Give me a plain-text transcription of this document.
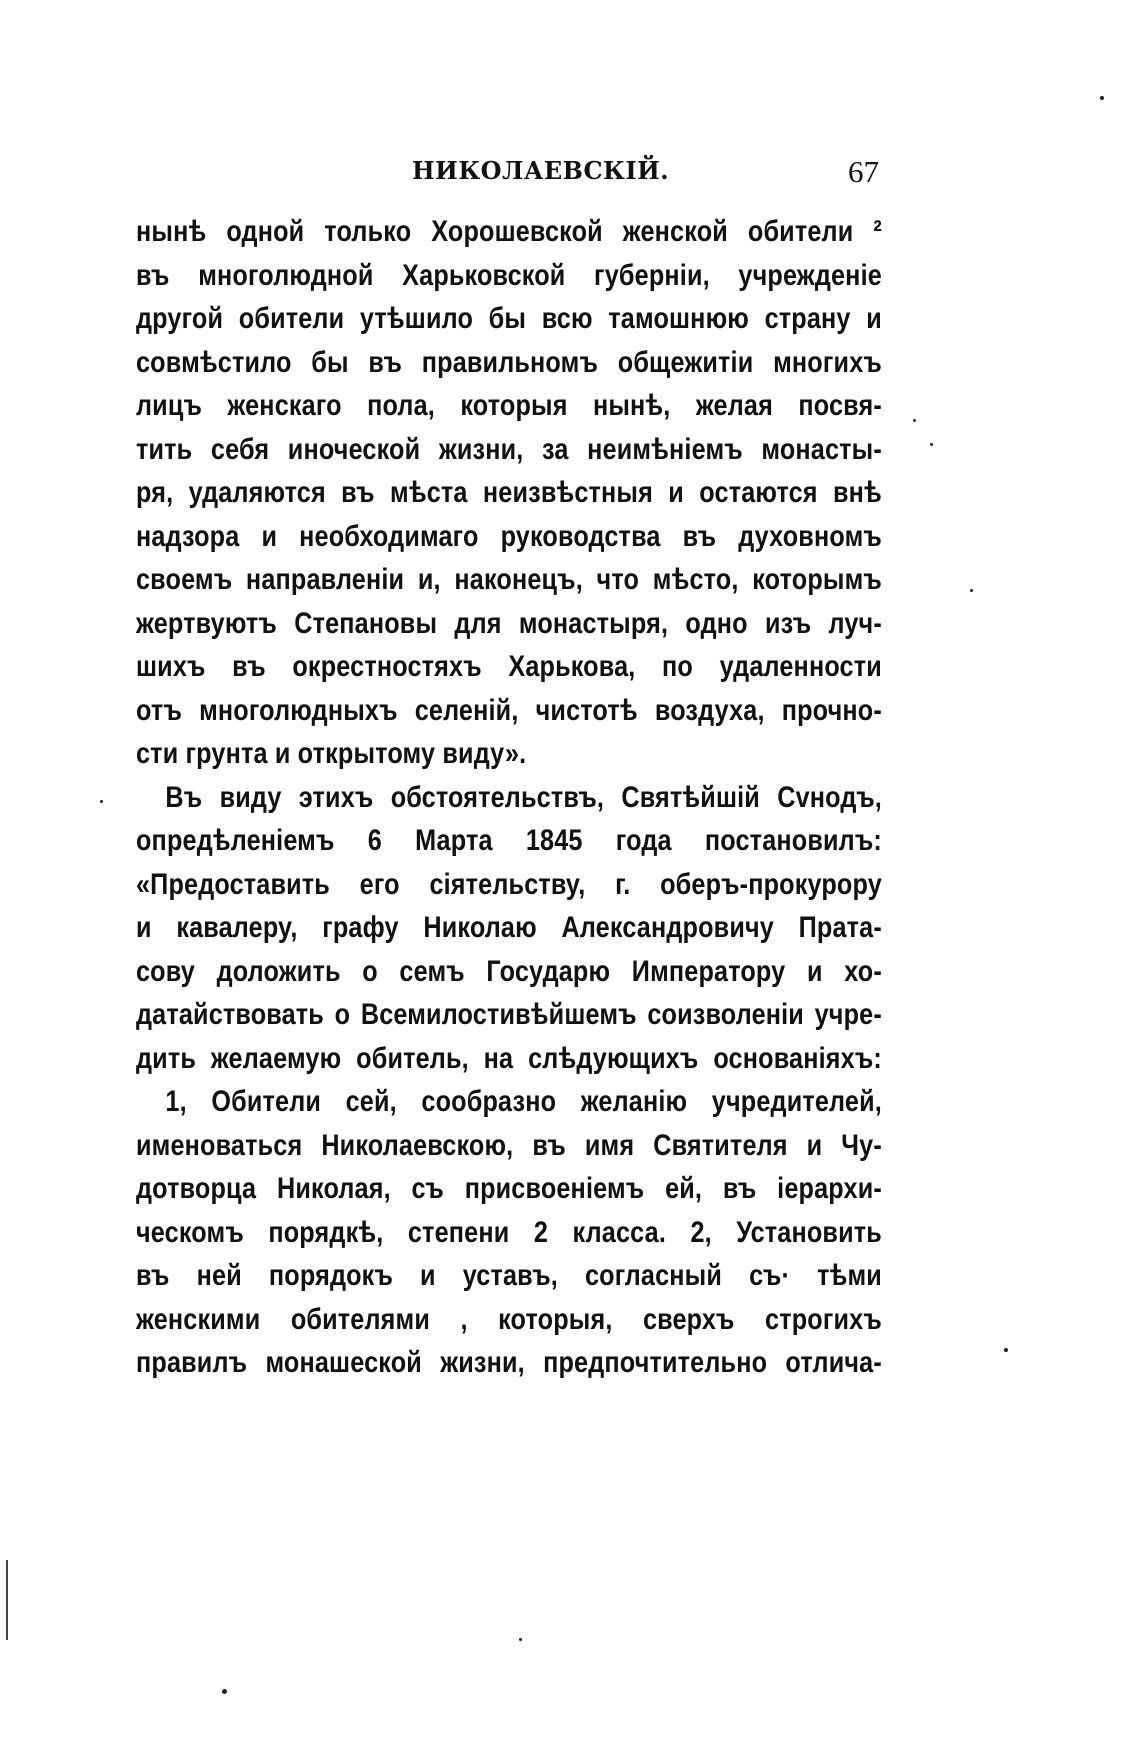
НИКОЛАЕВСКІЙ.	67
нынѣ одной только Хорошевской женской обители ²
въ многолюдной Харьковской губерніи, учрежденіе
другой обители утѣшило бы всю тамошнюю страну и
совмѣстило бы въ правильномъ общежитіи многихъ
лицъ женскаго пола, которыя нынѣ, желая посвя-
тить себя иноческой жизни, за неимѣніемъ монасты-
ря, удаляются въ мѣста неизвѣстныя и остаются внѣ
надзора и необходимаго руководства въ духовномъ
своемъ направленіи и, наконецъ, что мѣсто, которымъ
жертвуютъ Степановы для монастыря, одно изъ луч-
шихъ въ окрестностяхъ Харькова, по удаленности
отъ многолюдныхъ селеній, чистотѣ воздуха, прочно-
сти грунта и открытому виду».
Въ виду этихъ обстоятельствъ, Святѣйшій Сvнодъ,
опредѣленіемъ 6 Марта 1845 года постановилъ:
«Предоставить его сіятельству, г. оберъ-прокурору
и кавалеру, графу Николаю Александровичу Прата-
сову доложить о семъ Государю Императору и хо-
датайствовать о Всемилостивѣйшемъ соизволеніи учре-
дить желаемую обитель, на слѣдующихъ основаніяхъ:
1, Обители сей, сообразно желанію учредителей,
именоваться Николаевскою, въ имя Святителя и Чу-
дотворца Николая, съ присвоеніемъ ей, въ іерархи-
ческомъ порядкѣ, степени 2 класса. 2, Установить
въ ней порядокъ и уставъ, согласный съ· тѣми
женскими обителями , которыя, сверхъ строгихъ
правилъ монашеской жизни, предпочтительно отлича-
